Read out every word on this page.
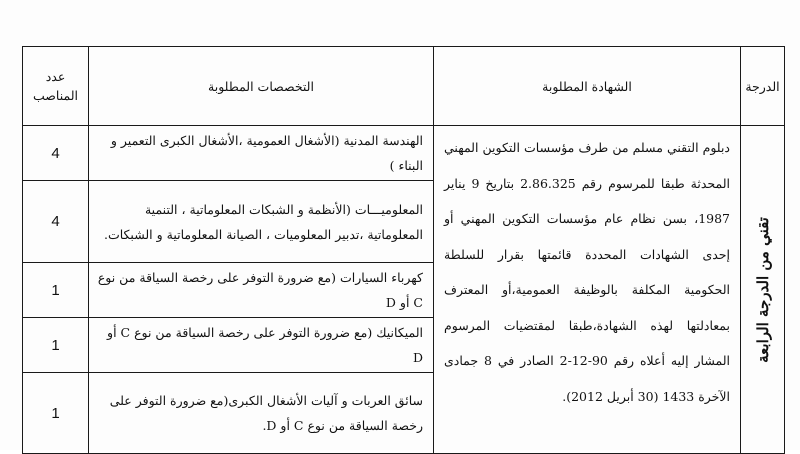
عدد المناصب	التخصصات المطلوبة	الشهادة المطلوبة	الدرجة
4	الهندسة المدنية (الأشغال العمومية ،الأشغال الكبرى التعمير و البناء )	دبلوم التقني مسلم من طرف مؤسسات التكوين المهني المحدثة طبقا للمرسوم رقم 2.86.325 بتاريخ 9 يناير 1987، بسن نظام عام مؤسسات التكوين المهني أو إحدى الشهادات المحددة قائمتها بقرار للسلطة الحكومية المكلفة بالوظيفة العمومية،أو المعترف بمعادلتها لهذه الشهادة،طبقا لمقتضيات المرسوم المشار إليه أعلاه رقم 90-12-2 الصادر في 8 جمادى الآخرة 1433 (30 أبريل 2012).	تقني من الدرجة الرابعة

4	المعلوميـــات (الأنظمة و الشبكات المعلوماتية ، التنمية المعلوماتية ،تدبير المعلوميات ، الصيانة المعلوماتية و الشبكات.		
1	كهرباء السيارات (مع ضرورة التوفر على رخصة السياقة من نوع C أو D		
1	الميكانيك (مع ضرورة التوفر على رخصة السياقة من نوع C أو D		
1	سائق العربات و آليات الأشغال الكبرى(مع ضرورة التوفر على رخصة السياقة من نوع C أو D.		
